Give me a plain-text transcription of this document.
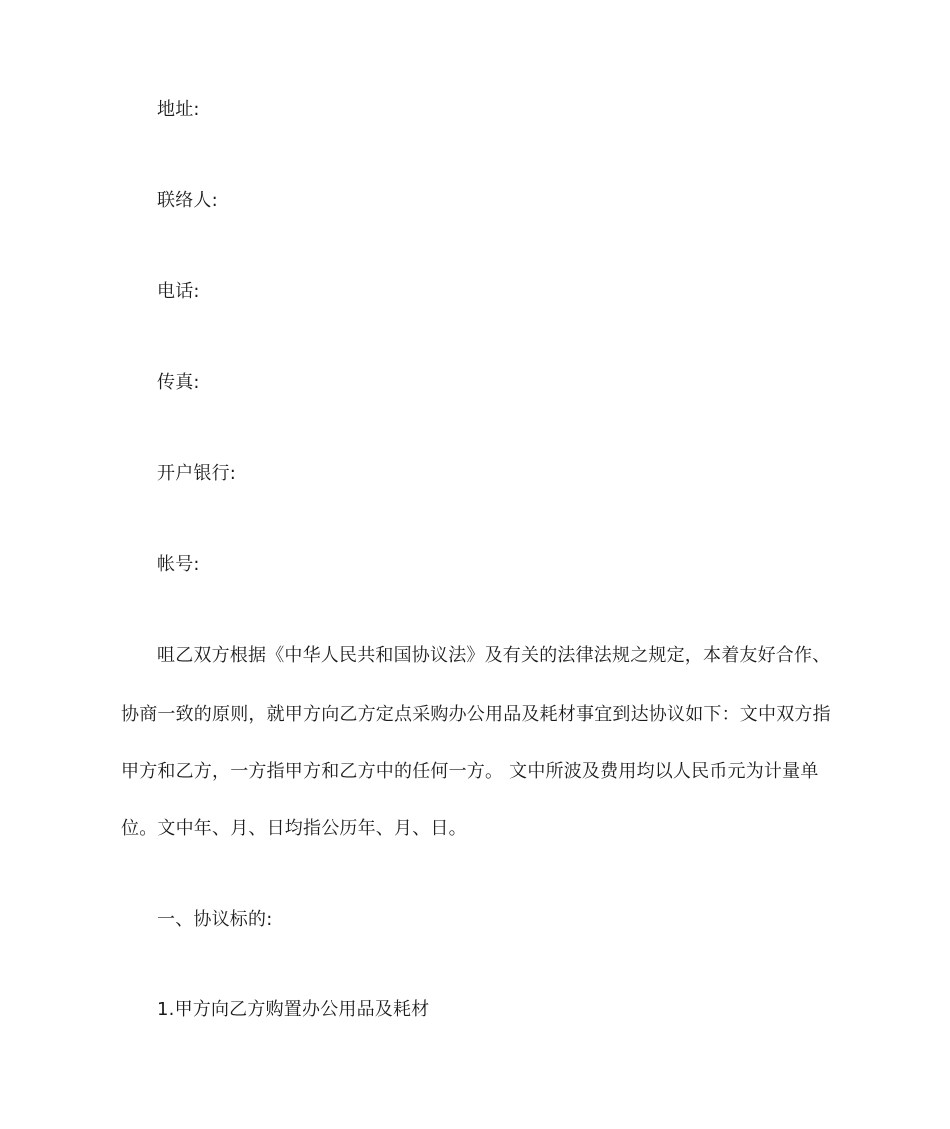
地址:
联络人:
电话:
传真:
开户银行:
帐号:
咀乙双方根据《中华人民共和国协议法》及有关的法律法规之规定，本着友好合作、
协商一致的原则，就甲方向乙方定点采购办公用品及耗材事宜到达协议如下：文中双方指
甲方和乙方，一方指甲方和乙方中的任何一方。 文中所波及费用均以人民币元为计量单
位。文中年、月、日均指公历年、月、日。
一、协议标的:
1.甲方向乙方购置办公用品及耗材
